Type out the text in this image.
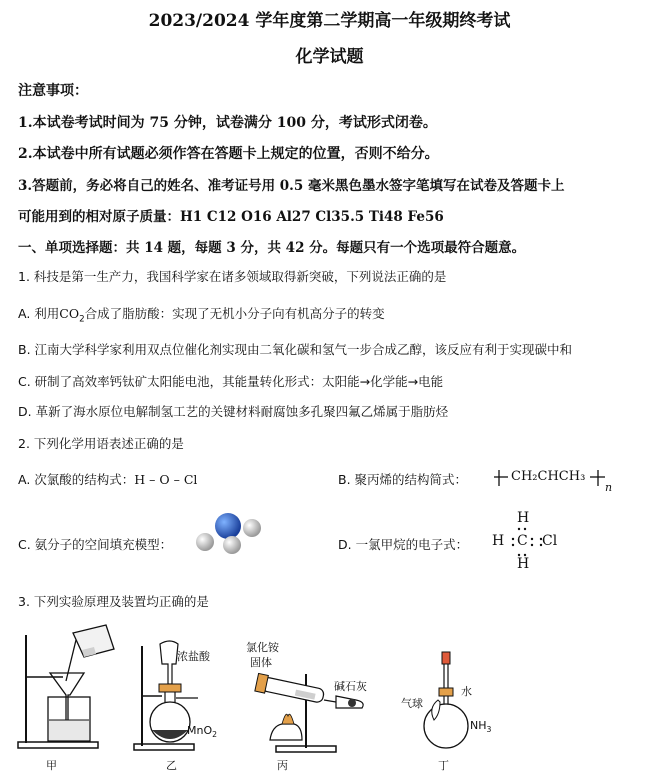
2023/2024 学年度第二学期高一年级期终考试
化学试题
注意事项：
1.本试卷考试时间为 75 分钟，试卷满分 100 分，考试形式闭卷。
2.本试卷中所有试题必须作答在答题卡上规定的位置，否则不给分。
3.答题前，务必将自己的姓名、准考证号用 0.5 毫米黑色墨水签字笔填写在试卷及答题卡上
可能用到的相对原子质量：H1 C12 O16 Al27 Cl35.5 Ti48 Fe56
一、单项选择题：共 14 题，每题 3 分，共 42 分。每题只有一个选项最符合题意。
1. 科技是第一生产力，我国科学家在诸多领域取得新突破，下列说法正确的是
A. 利用$CO_2$合成了脂肪酸：实现了无机小分子向有机高分子的转变
B. 江南大学科学家利用双点位催化剂实现由二氧化碳和氢气一步合成乙醇，该反应有利于实现碳中和
C. 研制了高效率钙钛矿太阳能电池，其能量转化形式：太阳能→化学能→电能
D. 革新了海水原位电解制氢工艺的关键材料耐腐蚀多孔聚四氟乙烯属于脂肪烃
2. 下列化学用语表述正确的是
A. 次氯酸的结构式：H – O – Cl	B. 聚丙烯的结构简式：	CH₂CHCH₃
n
C. 氨分子的空间填充模型：	D. 一氯甲烷的电子式：
H
H C Cl
H
3. 下列实验原理及装置均正确的是
甲
浓盐酸
MnO$_2$
乙
氯化铵
固体
碱石灰
丙
气球
水
$NH_3$
丁
